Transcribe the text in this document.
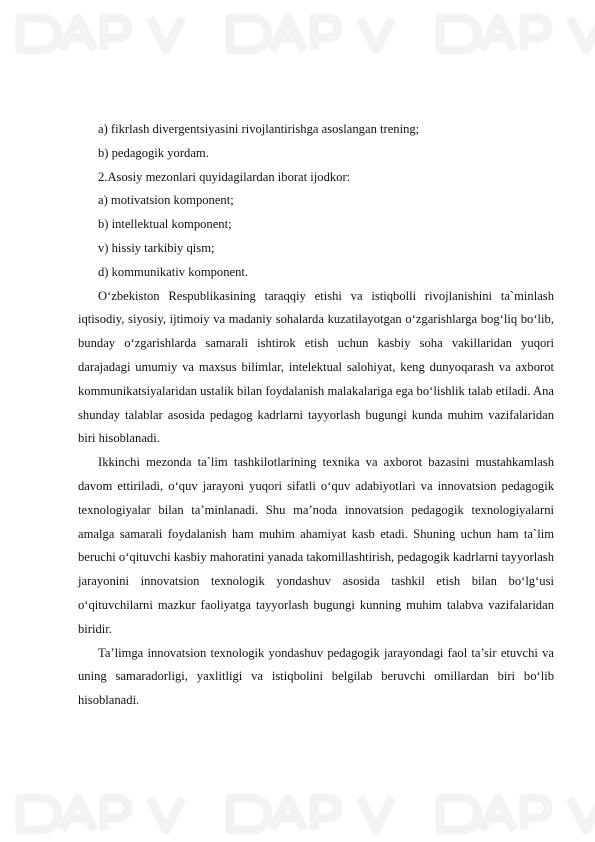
a) fikrlash divergentsiyasini rivojlantirishga asoslangan trening;

b) pedagogik yordam.

2.Asosiy mezonlari quyidagilardan iborat ijodkor:

a) motivatsion komponent;

b) intellektual komponent;

v) hissiy tarkibiy qism;

d) kommunikativ komponent.

O‘zbekiston Respublikasining taraqqiy etishi va istiqbolli rivojlanishini ta`minlash iqtisodiy, siyosiy, ijtimoiy va madaniy sohalarda kuzatilayotgan o‘zgarishlarga bog‘liq bo‘lib, bunday o‘zgarishlarda samarali ishtirok etish uchun kasbiy soha vakillaridan yuqori darajadagi umumiy va maxsus bilimlar, intelektual salohiyat, keng dunyoqarash va axborot kommunikatsiyalaridan ustalik bilan foydalanish malakalariga ega bo‘lishlik talab etiladi. Ana shunday talablar asosida pedagog kadrlarni tayyorlash bugungi kunda muhim vazifalaridan biri hisoblanadi.

Ikkinchi mezonda ta`lim tashkilotlarining texnika va axborot bazasini mustahkamlash davom ettiriladi, o‘quv jarayoni yuqori sifatli o‘quv adabiyotlari va innovatsion pedagogik texnologiyalar bilan ta’minlanadi. Shu ma’noda innovatsion pedagogik texnologiyalarni amalga samarali foydalanish ham muhim ahamiyat kasb etadi. Shuning uchun ham ta`lim beruchi o‘qituvchi kasbiy mahoratini yanada takomillashtirish, pedagogik kadrlarni tayyorlash jarayonini innovatsion texnologik yondashuv asosida tashkil etish bilan bo‘lg‘usi o‘qituvchilarni mazkur faoliyatga tayyorlash bugungi kunning muhim talabva vazifalaridan biridir.

Ta’limga innovatsion texnologik yondashuv pedagogik jarayondagi faol ta’sir etuvchi va uning samaradorligi, yaxlitligi va istiqbolini belgilab beruvchi omillardan biri bo‘lib hisoblanadi.
